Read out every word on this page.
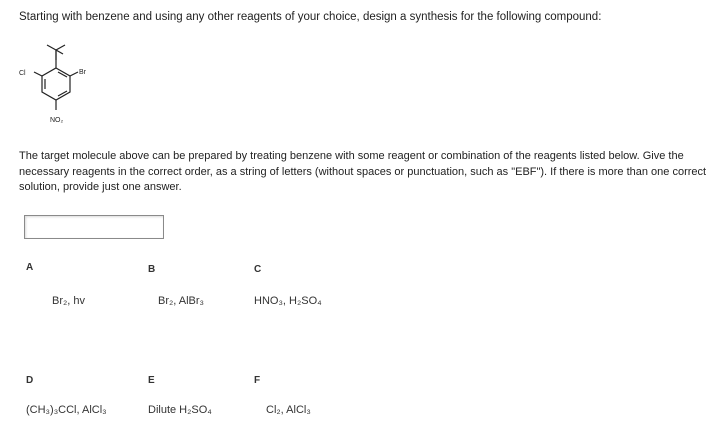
Starting with benzene and using any other reagents of your choice, design a synthesis for the following compound:
Cl	Br
NO₂
The target molecule above can be prepared by treating benzene with some reagent or combination of the reagents listed below. Give the necessary reagents in the correct order, as a string of letters (without spaces or punctuation, such as "EBF"). If there is more than one correct solution, provide just one answer.
A
Br₂, hv
B
Br₂, AlBr₃
C
HNO₃, H₂SO₄
D
(CH₃)₃CCl, AlCl₃
E
Dilute H₂SO₄
F
Cl₂, AlCl₃
